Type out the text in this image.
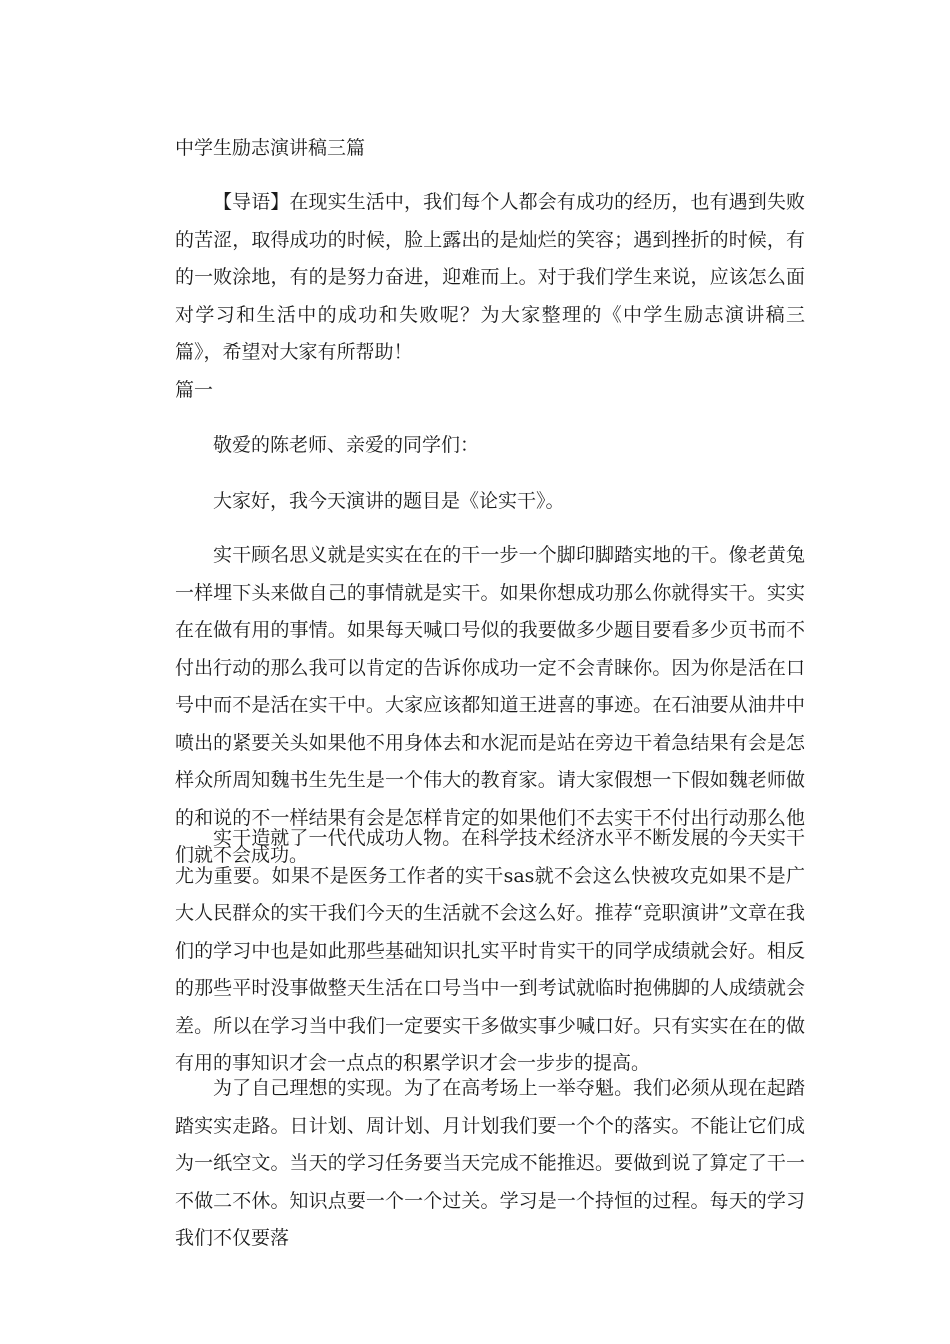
中学生励志演讲稿三篇

【导语】在现实生活中，我们每个人都会有成功的经历，也有遇到失败的苦涩，取得成功的时候，脸上露出的是灿烂的笑容；遇到挫折的时候，有的一败涂地，有的是努力奋进，迎难而上。对于我们学生来说，应该怎么面对学习和生活中的成功和失败呢？为大家整理的《中学生励志演讲稿三篇》，希望对大家有所帮助！

篇一
敬爱的陈老师、亲爱的同学们：
大家好，我今天演讲的题目是《论实干》。

实干顾名思义就是实实在在的干一步一个脚印脚踏实地的干。像老黄兔一样埋下头来做自己的事情就是实干。如果你想成功那么你就得实干。实实在在做有用的事情。如果每天喊口号似的我要做多少题目要看多少页书而不付出行动的那么我可以肯定的告诉你成功一定不会青睐你。因为你是活在口号中而不是活在实干中。大家应该都知道王进喜的事迹。在石油要从油井中喷出的紧要关头如果他不用身体去和水泥而是站在旁边干着急结果有会是怎样众所周知魏书生先生是一个伟大的教育家。请大家假想一下假如魏老师做的和说的不一样结果有会是怎样肯定的如果他们不去实干不付出行动那么他们就不会成功。

实干造就了一代代成功人物。在科学技术经济水平不断发展的今天实干尤为重要。如果不是医务工作者的实干sas就不会这么快被攻克如果不是广大人民群众的实干我们今天的生活就不会这么好。推荐“竞职演讲”文章在我们的学习中也是如此那些基础知识扎实平时肯实干的同学成绩就会好。相反的那些平时没事做整天生活在口号当中一到考试就临时抱佛脚的人成绩就会差。所以在学习当中我们一定要实干多做实事少喊口好。只有实实在在的做有用的事知识才会一点点的积累学识才会一步步的提高。

为了自己理想的实现。为了在高考场上一举夺魁。我们必须从现在起踏踏实实走路。日计划、周计划、月计划我们要一个个的落实。不能让它们成为一纸空文。当天的学习任务要当天完成不能推迟。要做到说了算定了干一不做二不休。知识点要一个一个过关。学习是一个持恒的过程。每天的学习我们不仅要落
